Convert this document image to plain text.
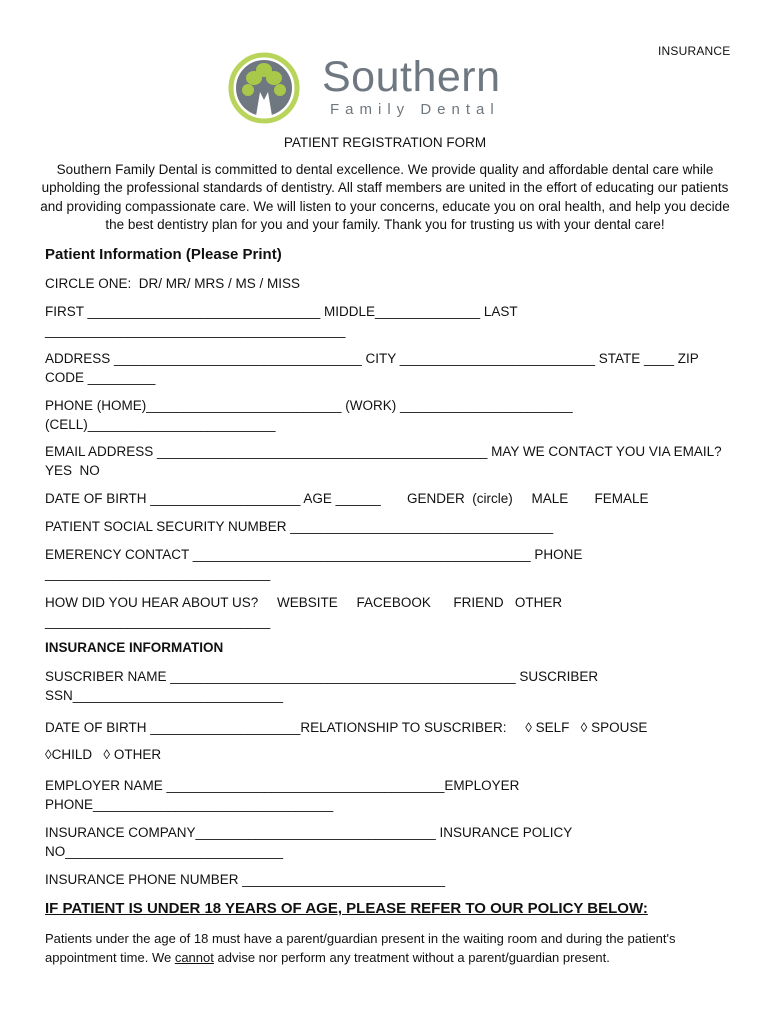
INSURANCE
Southern
Family Dental
PATIENT REGISTRATION FORM
Southern Family Dental is committed to dental excellence. We provide quality and affordable dental care while upholding the professional standards of dentistry. All staff members are united in the effort of educating our patients and providing compassionate care. We will listen to your concerns, educate you on oral health, and help you decide the best dentistry plan for you and your family. Thank you for trusting us with your dental care!
Patient Information (Please Print)
CIRCLE ONE:  DR/ MR/ MRS / MS / MISS
FIRST _______________________________ MIDDLE______________ LAST ________________________________________
ADDRESS _________________________________ CITY __________________________ STATE ____ ZIP CODE _________
PHONE (HOME)__________________________ (WORK) _______________________ (CELL)_________________________
EMAIL ADDRESS ____________________________________________ MAY WE CONTACT YOU VIA EMAIL?  YES  NO
DATE OF BIRTH ____________________ AGE ______       GENDER  (circle)     MALE       FEMALE
PATIENT SOCIAL SECURITY NUMBER ___________________________________
EMERENCY CONTACT _____________________________________________ PHONE ______________________________
HOW DID YOU HEAR ABOUT US?     WEBSITE     FACEBOOK      FRIEND   OTHER ______________________________
INSURANCE INFORMATION
SUSCRIBER NAME ______________________________________________ SUSCRIBER SSN____________________________
DATE OF BIRTH ____________________RELATIONSHIP TO SUSCRIBER:     ◊ SELF   ◊ SPOUSE
◊CHILD   ◊ OTHER
EMPLOYER NAME _____________________________________EMPLOYER PHONE________________________________
INSURANCE COMPANY________________________________ INSURANCE POLICY NO_____________________________
INSURANCE PHONE NUMBER ___________________________
IF PATIENT IS UNDER 18 YEARS OF AGE, PLEASE REFER TO OUR POLICY BELOW:
Patients under the age of 18 must have a parent/guardian present in the waiting room and during the patient's appointment time. We cannot advise nor perform any treatment without a parent/guardian present.
